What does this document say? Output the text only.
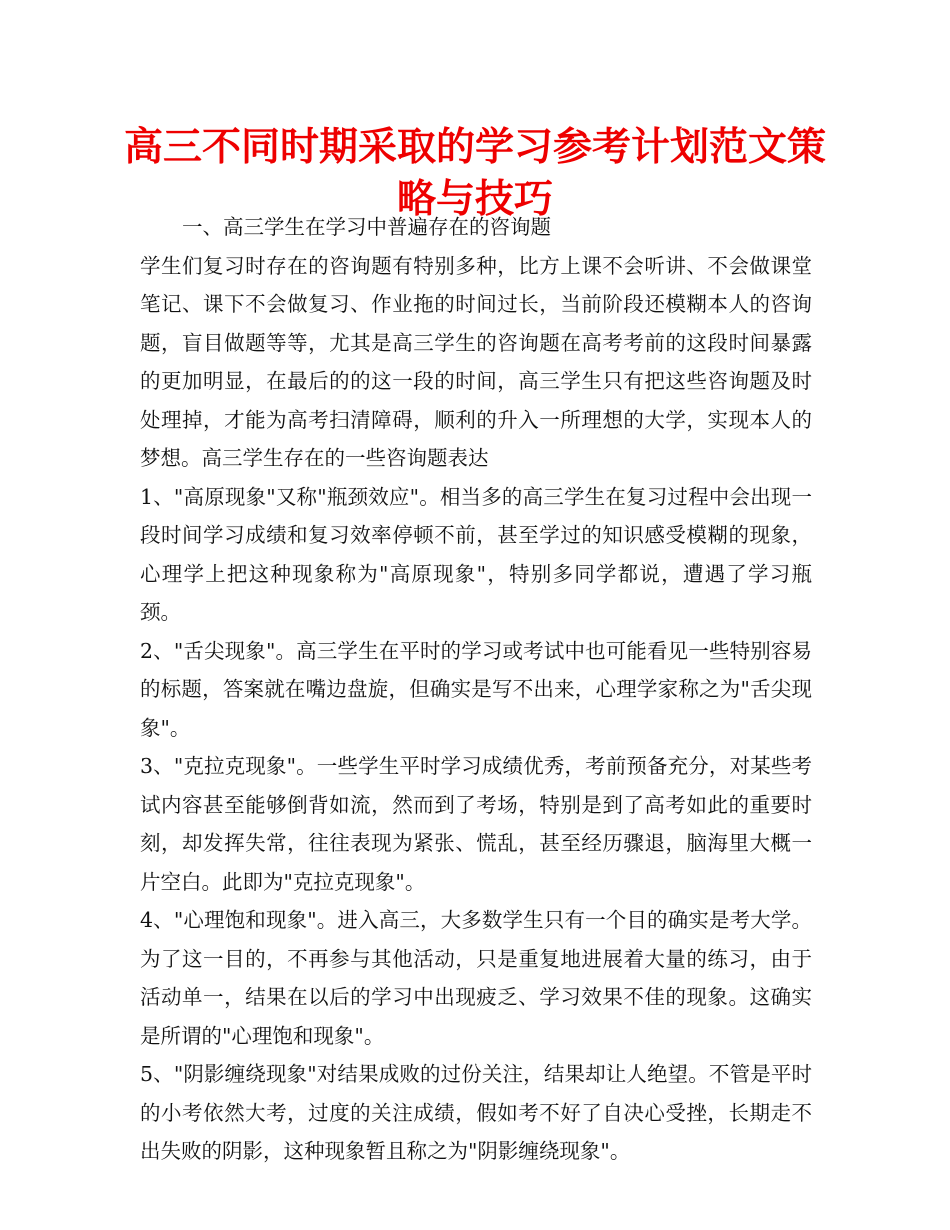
高三不同时期采取的学习参考计划范文策略与技巧

一、高三学生在学习中普遍存在的咨询题

学生们复习时存在的咨询题有特别多种，比方上课不会听讲、不会做课堂笔记、课下不会做复习、作业拖的时间过长，当前阶段还模糊本人的咨询题，盲目做题等等，尤其是高三学生的咨询题在高考考前的这段时间暴露的更加明显，在最后的的这一段的时间，高三学生只有把这些咨询题及时处理掉，才能为高考扫清障碍，顺利的升入一所理想的大学，实现本人的梦想。高三学生存在的一些咨询题表达

1、"高原现象"又称"瓶颈效应"。相当多的高三学生在复习过程中会出现一段时间学习成绩和复习效率停顿不前，甚至学过的知识感受模糊的现象，心理学上把这种现象称为"高原现象"，特别多同学都说，遭遇了学习瓶颈。

2、"舌尖现象"。高三学生在平时的学习或考试中也可能看见一些特别容易的标题，答案就在嘴边盘旋，但确实是写不出来，心理学家称之为"舌尖现象"。

3、"克拉克现象"。一些学生平时学习成绩优秀，考前预备充分，对某些考试内容甚至能够倒背如流，然而到了考场，特别是到了高考如此的重要时刻，却发挥失常，往往表现为紧张、慌乱，甚至经历骤退，脑海里大概一片空白。此即为"克拉克现象"。

4、"心理饱和现象"。进入高三，大多数学生只有一个目的确实是考大学。为了这一目的，不再参与其他活动，只是重复地进展着大量的练习，由于活动单一，结果在以后的学习中出现疲乏、学习效果不佳的现象。这确实是所谓的"心理饱和现象"。

5、"阴影缠绕现象"对结果成败的过份关注，结果却让人绝望。不管是平时的小考依然大考，过度的关注成绩，假如考不好了自决心受挫，长期走不出失败的阴影，这种现象暂且称之为"阴影缠绕现象"。
